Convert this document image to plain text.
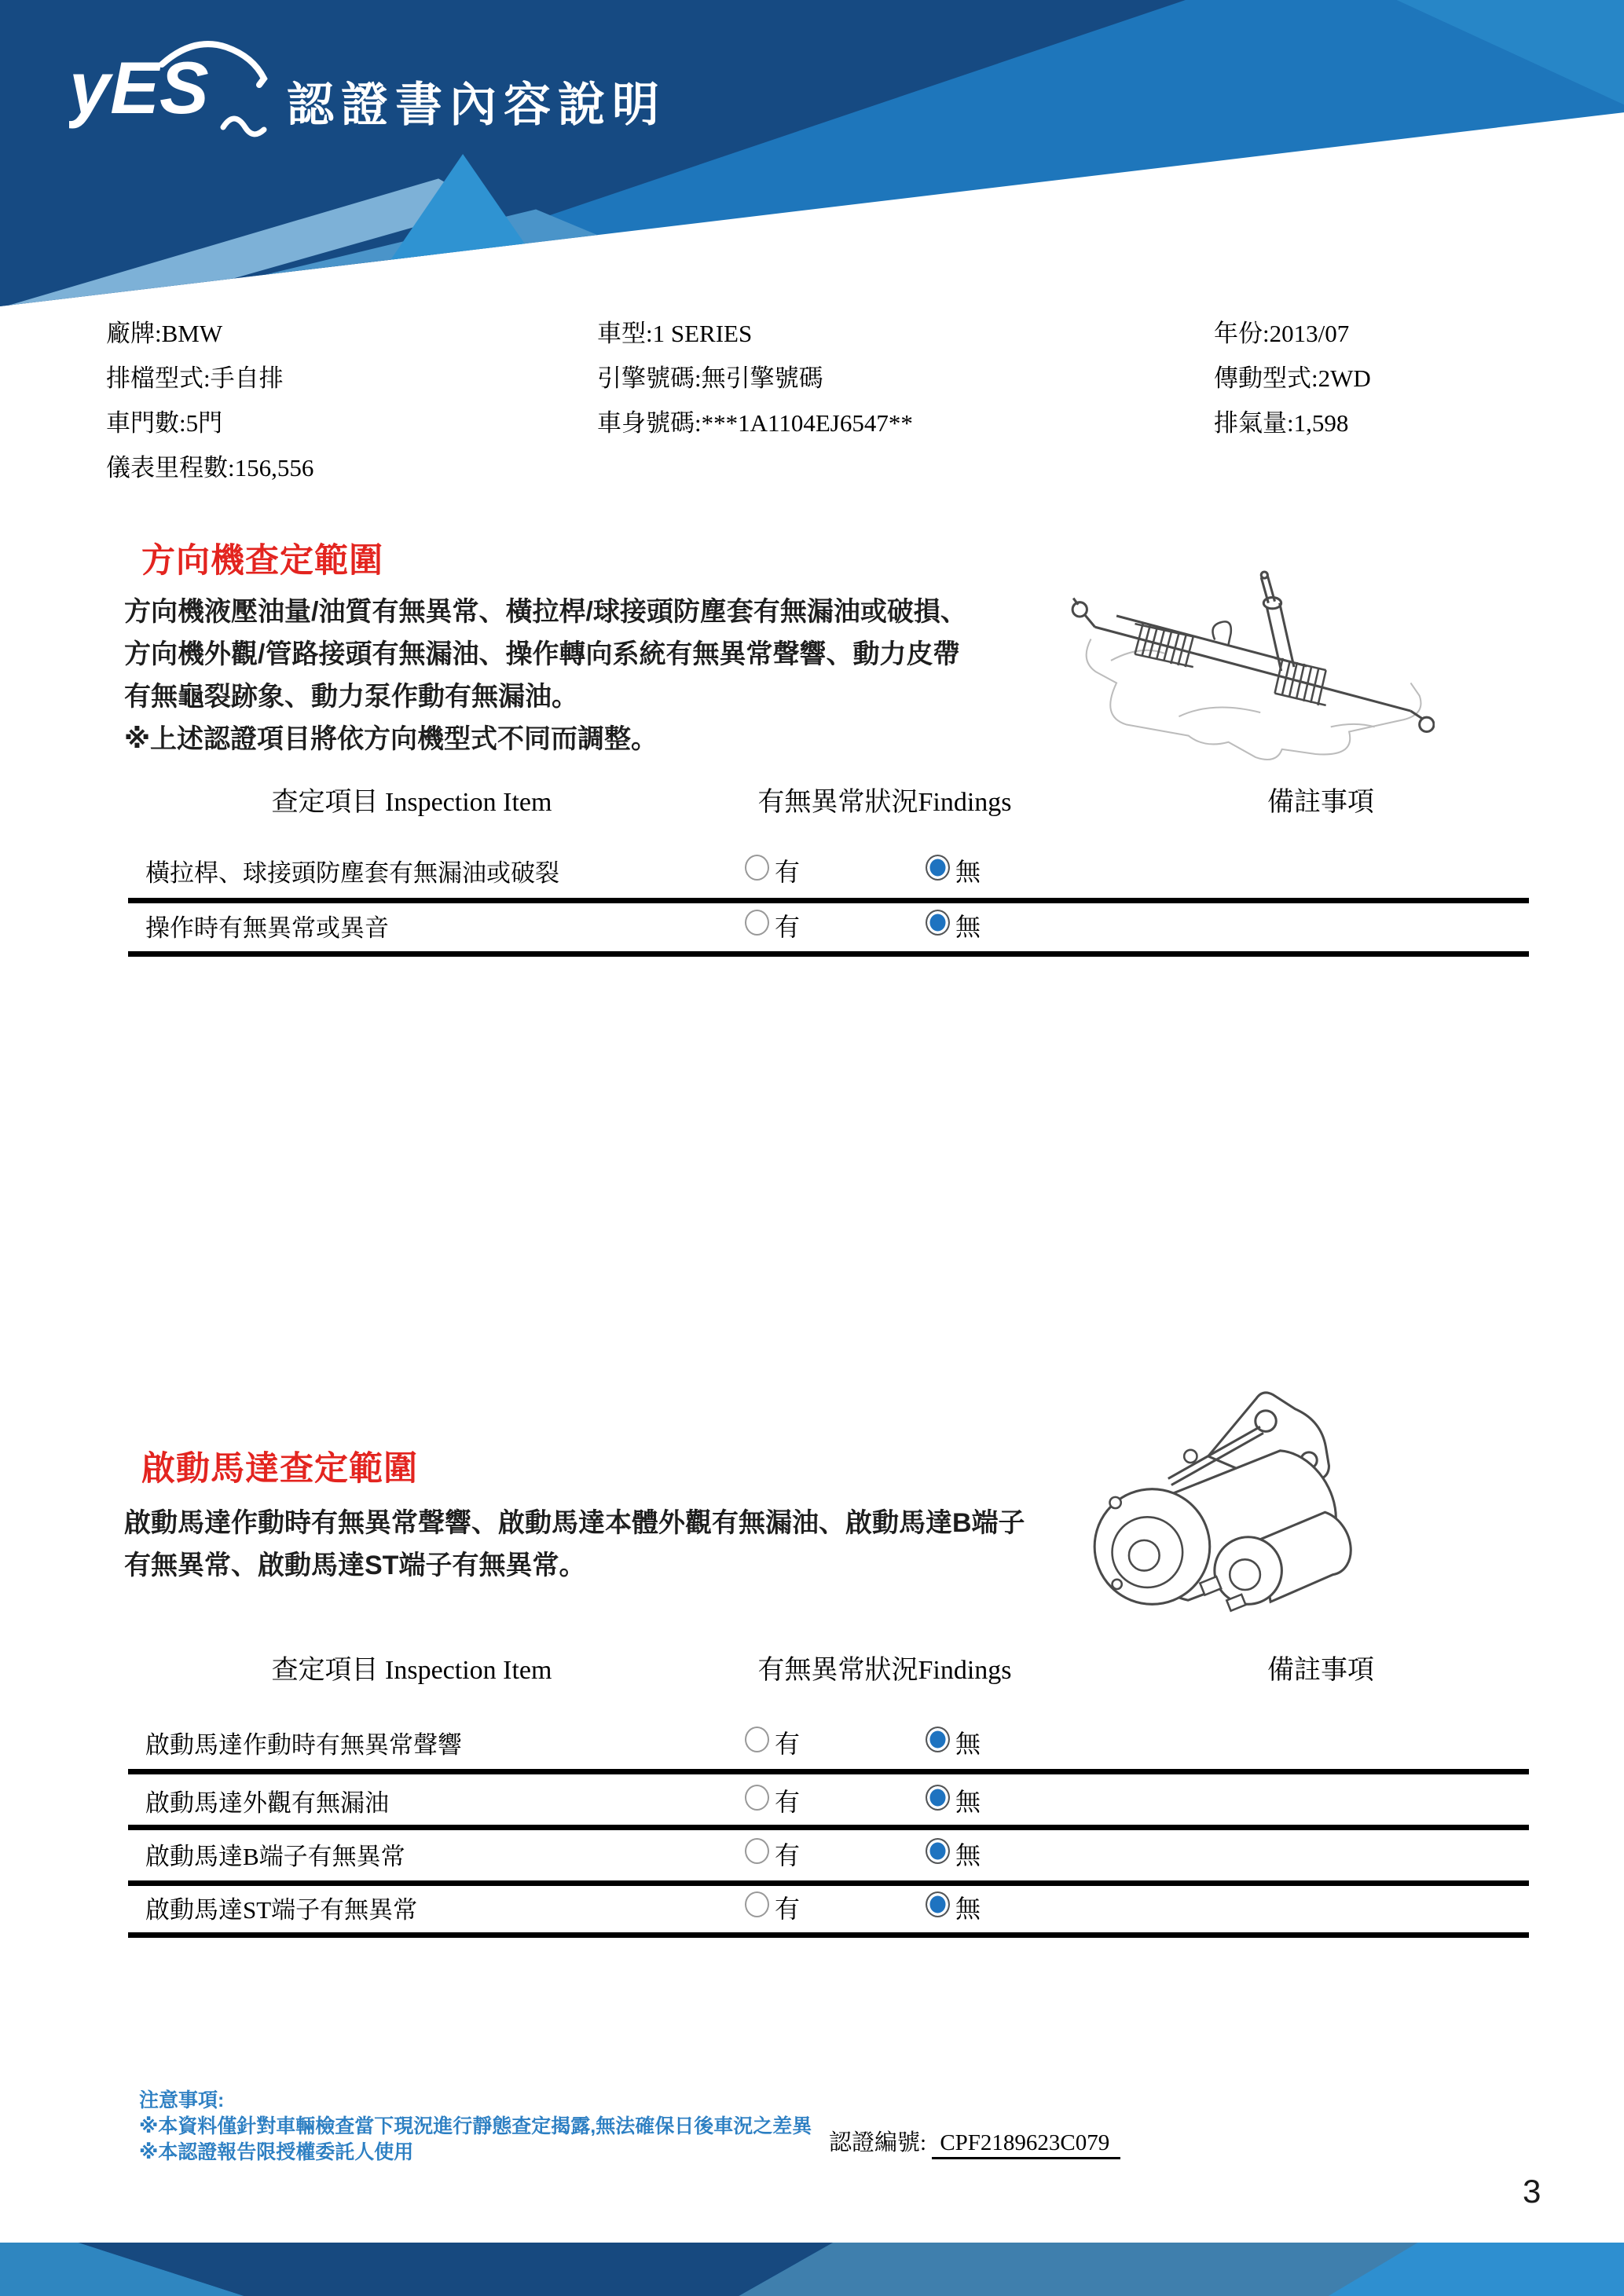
yES 認證書內容說明
廠牌:BMW
排檔型式:手自排
車門數:5門
儀表里程數:156,556
車型:1 SERIES
引擎號碼:無引擎號碼
車身號碼:***1A1104EJ6547**
年份:2013/07
傳動型式:2WD
排氣量:1,598
方向機查定範圍
方向機液壓油量/油質有無異常、橫拉桿/球接頭防塵套有無漏油或破損、
方向機外觀/管路接頭有無漏油、操作轉向系統有無異常聲響、動力皮帶
有無龜裂跡象、動力泵作動有無漏油。
※上述認證項目將依方向機型式不同而調整。
查定項目 Inspection Item	有無異常狀況Findings	備註事項
橫拉桿、球接頭防塵套有無漏油或破裂	有	無
操作時有無異常或異音	有	無
啟動馬達查定範圍
啟動馬達作動時有無異常聲響、啟動馬達本體外觀有無漏油、啟動馬達B端子
有無異常、啟動馬達ST端子有無異常。
查定項目 Inspection Item	有無異常狀況Findings	備註事項
啟動馬達作動時有無異常聲響	有	無
啟動馬達外觀有無漏油	有	無
啟動馬達B端子有無異常	有	無
啟動馬達ST端子有無異常	有	無
注意事項:
※本資料僅針對車輛檢查當下現況進行靜態查定揭露,無法確保日後車況之差異
※本認證報告限授權委託人使用	認證編號: CPF2189623C079
3
